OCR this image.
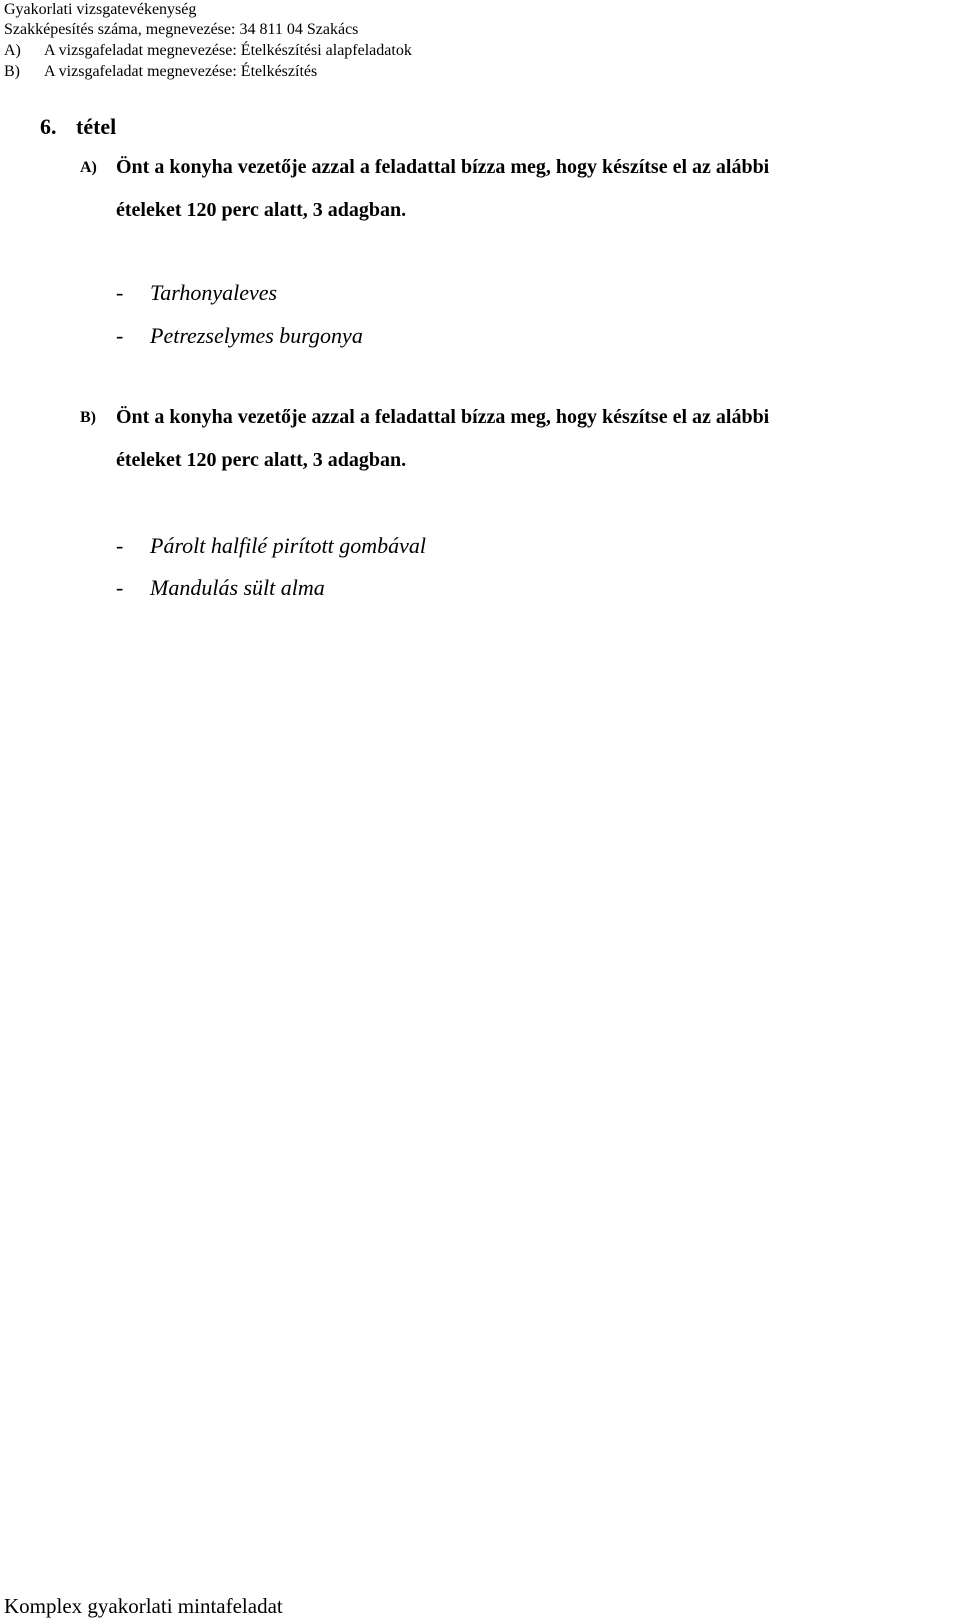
Gyakorlati vizsgatevékenység
Szakképesítés száma, megnevezése: 34 811 04 Szakács
A) A vizsgafeladat megnevezése: Ételkészítési alapfeladatok
B) A vizsgafeladat megnevezése: Ételkészítés
6. tétel
A) Önt a konyha vezetője azzal a feladattal bízza meg, hogy készítse el az alábbi
ételeket 120 perc alatt, 3 adagban.
- Tarhonyaleves
- Petrezselymes burgonya
B) Önt a konyha vezetője azzal a feladattal bízza meg, hogy készítse el az alábbi
ételeket 120 perc alatt, 3 adagban.
- Párolt halfilé pirított gombával
- Mandulás sült alma
Komplex gyakorlati mintafeladat
